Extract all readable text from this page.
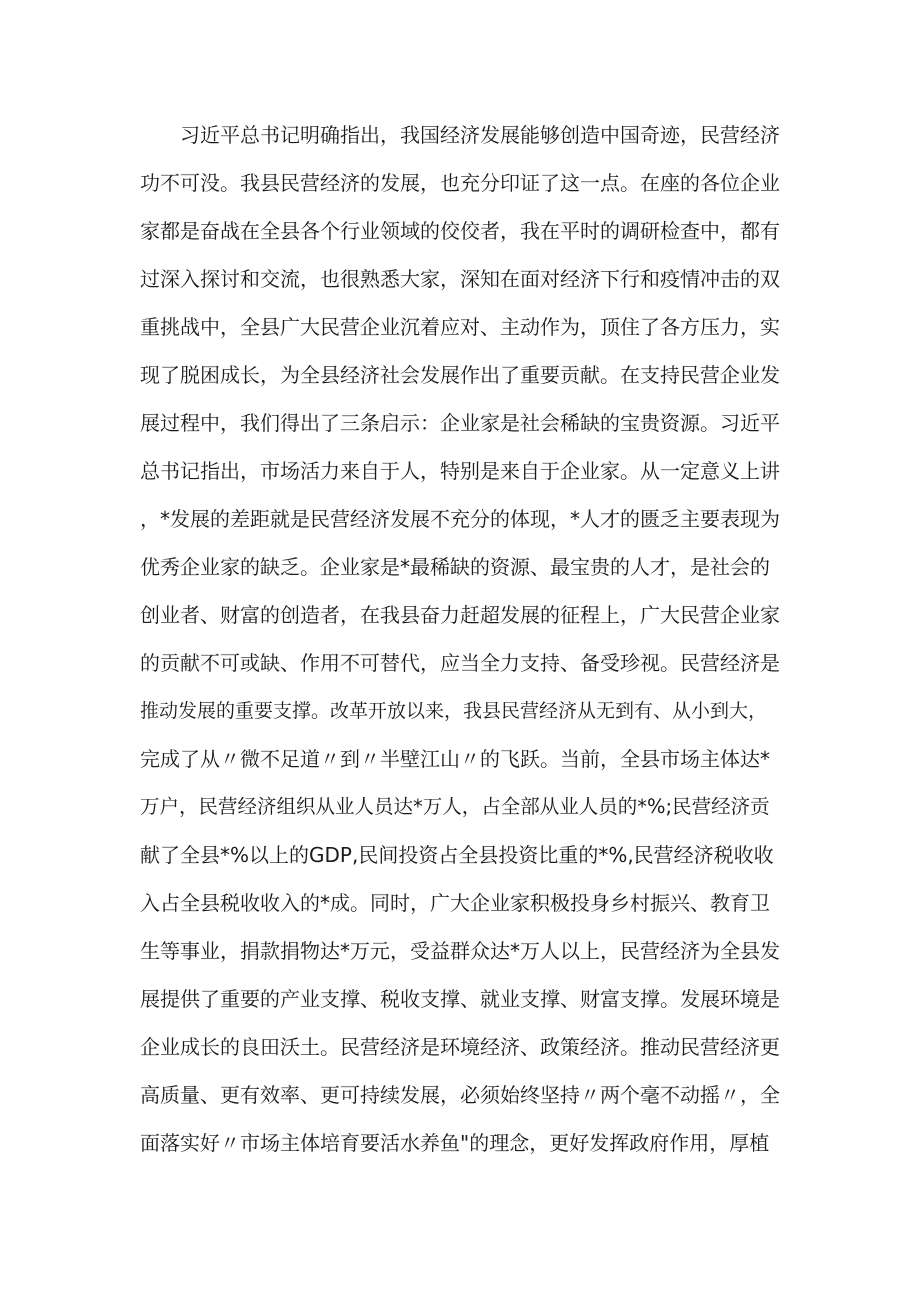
　　习近平总书记明确指出，我国经济发展能够创造中国奇迹，民营经济
功不可没。我县民营经济的发展，也充分印证了这一点。在座的各位企业
家都是奋战在全县各个行业领域的佼佼者，我在平时的调研检查中，都有
过深入探讨和交流，也很熟悉大家，深知在面对经济下行和疫情冲击的双
重挑战中，全县广大民营企业沉着应对、主动作为，顶住了各方压力，实
现了脱困成长，为全县经济社会发展作出了重要贡献。在支持民营企业发
展过程中，我们得出了三条启示：企业家是社会稀缺的宝贵资源。习近平
总书记指出，市场活力来自于人，特别是来自于企业家。从一定意义上讲
，*发展的差距就是民营经济发展不充分的体现，*人才的匮乏主要表现为
优秀企业家的缺乏。企业家是*最稀缺的资源、最宝贵的人才，是社会的
创业者、财富的创造者，在我县奋力赶超发展的征程上，广大民营企业家
的贡献不可或缺、作用不可替代，应当全力支持、备受珍视。民营经济是
推动发展的重要支撑。改革开放以来，我县民营经济从无到有、从小到大，
完成了从〃微不足道〃到〃半壁江山〃的飞跃。当前，全县市场主体达*
万户，民营经济组织从业人员达*万人，占全部从业人员的*%;民营经济贡
献了全县*%以上的GDP,民间投资占全县投资比重的*%,民营经济税收收
入占全县税收收入的*成。同时，广大企业家积极投身乡村振兴、教育卫
生等事业，捐款捐物达*万元，受益群众达*万人以上，民营经济为全县发
展提供了重要的产业支撑、税收支撑、就业支撑、财富支撑。发展环境是
企业成长的良田沃土。民营经济是环境经济、政策经济。推动民营经济更
高质量、更有效率、更可持续发展，必须始终坚持〃两个毫不动摇〃，全
面落实好〃市场主体培育要活水养鱼"的理念，更好发挥政府作用，厚植
